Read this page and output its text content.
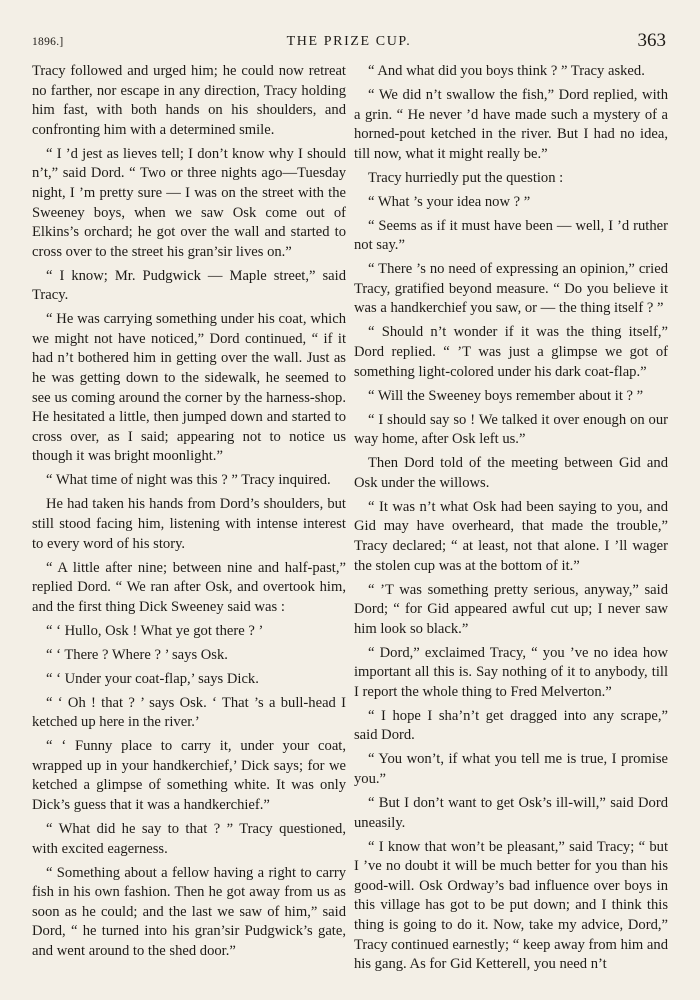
1896.]	THE PRIZE CUP.	363

Tracy followed and urged him; he could now retreat no farther, nor escape in any direction, Tracy holding him fast, with both hands on his shoulders, and confronting him with a determined smile.

“ I ’d jest as lieves tell; I don’t know why I should n’t,” said Dord. “ Two or three nights ago—Tuesday night, I ’m pretty sure — I was on the street with the Sweeney boys, when we saw Osk come out of Elkins’s orchard; he got over the wall and started to cross over to the street his gran’sir lives on.”

“ I know; Mr. Pudgwick — Maple street,” said Tracy.

“ He was carrying something under his coat, which we might not have noticed,” Dord continued, “ if it had n’t bothered him in getting over the wall. Just as he was getting down to the sidewalk, he seemed to see us coming around the corner by the harness-shop. He hesitated a little, then jumped down and started to cross over, as I said; appearing not to notice us though it was bright moonlight.”

“ What time of night was this ? ” Tracy inquired.

He had taken his hands from Dord’s shoulders, but still stood facing him, listening with intense interest to every word of his story.

“ A little after nine; between nine and half-past,” replied Dord. “ We ran after Osk, and overtook him, and the first thing Dick Sweeney said was :

“ ‘ Hullo, Osk ! What ye got there ? ’

“ ‘ There ? Where ? ’ says Osk.

“ ‘ Under your coat-flap,’ says Dick.

“ ‘ Oh ! that ? ’ says Osk. ‘ That ’s a bull-head I ketched up here in the river.’

“ ‘ Funny place to carry it, under your coat, wrapped up in your handkerchief,’ Dick says; for we ketched a glimpse of something white. It was only Dick’s guess that it was a handkerchief.”

“ What did he say to that ? ” Tracy questioned, with excited eagerness.

“ Something about a fellow having a right to carry fish in his own fashion. Then he got away from us as soon as he could; and the last we saw of him,” said Dord, “ he turned into his gran’sir Pudgwick’s gate, and went around to the shed door.”

“ And what did you boys think ? ” Tracy asked.

“ We did n’t swallow the fish,” Dord replied, with a grin. “ He never ’d have made such a mystery of a horned-pout ketched in the river. But I had no idea, till now, what it might really be.”

Tracy hurriedly put the question :

“ What ’s your idea now ? ”

“ Seems as if it must have been — well, I ’d ruther not say.”

“ There ’s no need of expressing an opinion,” cried Tracy, gratified beyond measure. “ Do you believe it was a handkerchief you saw, or — the thing itself ? ”

“ Should n’t wonder if it was the thing itself,” Dord replied. “ ’T was just a glimpse we got of something light-colored under his dark coat-flap.”

“ Will the Sweeney boys remember about it ? ”

“ I should say so ! We talked it over enough on our way home, after Osk left us.”

Then Dord told of the meeting between Gid and Osk under the willows.

“ It was n’t what Osk had been saying to you, and Gid may have overheard, that made the trouble,” Tracy declared; “ at least, not that alone. I ’ll wager the stolen cup was at the bottom of it.”

“ ’T was something pretty serious, anyway,” said Dord; “ for Gid appeared awful cut up; I never saw him look so black.”

“ Dord,” exclaimed Tracy, “ you ’ve no idea how important all this is. Say nothing of it to anybody, till I report the whole thing to Fred Melverton.”

“ I hope I sha’n’t get dragged into any scrape,” said Dord.

“ You won’t, if what you tell me is true, I promise you.”

“ But I don’t want to get Osk’s ill-will,” said Dord uneasily.

“ I know that won’t be pleasant,” said Tracy; “ but I ’ve no doubt it will be much better for you than his good-will. Osk Ordway’s bad influence over boys in this village has got to be put down; and I think this thing is going to do it. Now, take my advice, Dord,” Tracy continued earnestly; “ keep away from him and his gang. As for Gid Ketterell, you need n’t
